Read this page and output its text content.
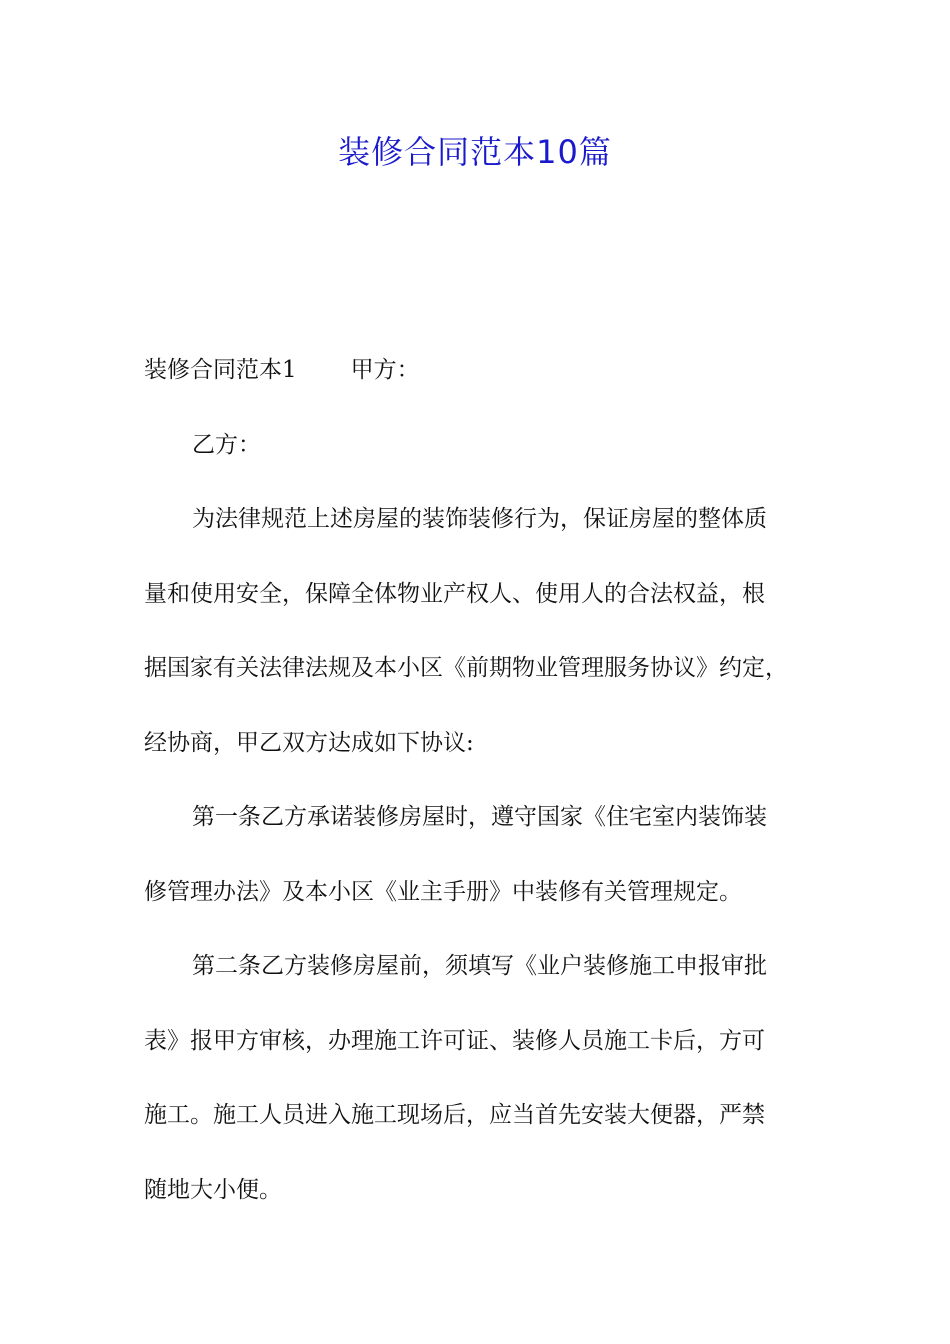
装修合同范本10篇
装修合同范本1 甲方：
乙方：
为法律规范上述房屋的装饰装修行为，保证房屋的整体质
量和使用安全，保障全体物业产权人、使用人的合法权益，根
据国家有关法律法规及本小区《前期物业管理服务协议》约定，
经协商，甲乙双方达成如下协议:
第一条乙方承诺装修房屋时，遵守国家《住宅室内装饰装
修管理办法》及本小区《业主手册》中装修有关管理规定。
第二条乙方装修房屋前，须填写《业户装修施工申报审批
表》报甲方审核，办理施工许可证、装修人员施工卡后，方可
施工。施工人员进入施工现场后，应当首先安装大便器，严禁
随地大小便。
